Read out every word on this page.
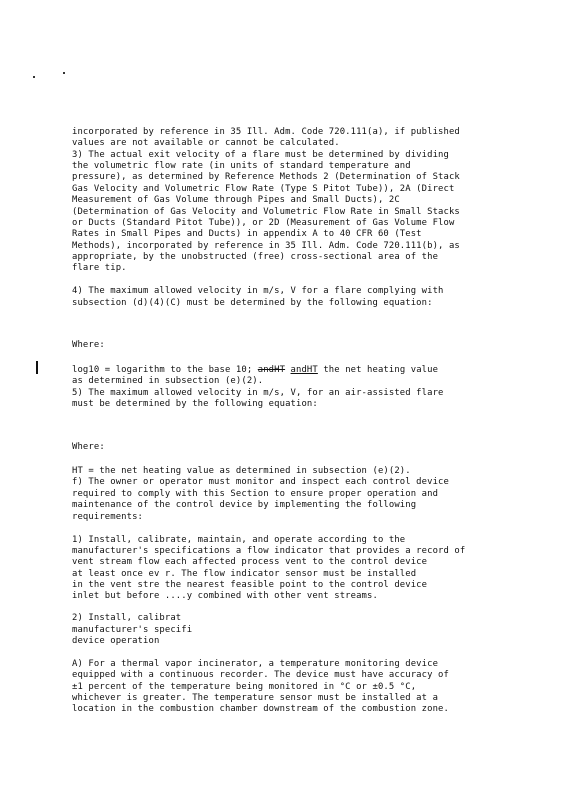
incorporated by reference in 35 Ill. Adm. Code 720.111(a), if published
values are not available or cannot be calculated.
3) The actual exit velocity of a flare must be determined by dividing
the volumetric flow rate (in units of standard temperature and
pressure), as determined by Reference Methods 2 (Determination of Stack
Gas Velocity and Volumetric Flow Rate (Type S Pitot Tube)), 2A (Direct
Measurement of Gas Volume through Pipes and Small Ducts), 2C
(Determination of Gas Velocity and Volumetric Flow Rate in Small Stacks
or Ducts (Standard Pitot Tube)), or 2D (Measurement of Gas Volume Flow
Rates in Small Pipes and Ducts) in appendix A to 40 CFR 60 (Test
Methods), incorporated by reference in 35 Ill. Adm. Code 720.111(b), as
appropriate, by the unobstructed (free) cross-sectional area of the
flare tip.
4) The maximum allowed velocity in m/s, V for a flare complying with
subsection (d)(4)(C) must be determined by the following equation:
Where:
log10 = logarithm to the base 10; andHT andHT the net heating value
as determined in subsection (e)(2).
5) The maximum allowed velocity in m/s, V, for an air-assisted flare
must be determined by the following equation:
Where:
HT = the net heating value as determined in subsection (e)(2).
f) The owner or operator must monitor and inspect each control device
required to comply with this Section to ensure proper operation and
maintenance of the control device by implementing the following
requirements:
1) Install, calibrate, maintain, and operate according to the
manufacturer's specifications a flow indicator that provides a record of
vent stream flow each affected process vent to the control device
at least once ev r. The flow indicator sensor must be installed
in the vent stre the nearest feasible point to the control device
inlet but before ....y combined with other vent streams.
2) Install, calibrat
manufacturer's specifi
device operation
A) For a thermal vapor incinerator, a temperature monitoring device
equipped with a continuous recorder. The device must have accuracy of
±1 percent of the temperature being monitored in °C or ±0.5 °C,
whichever is greater. The temperature sensor must be installed at a
location in the combustion chamber downstream of the combustion zone.
